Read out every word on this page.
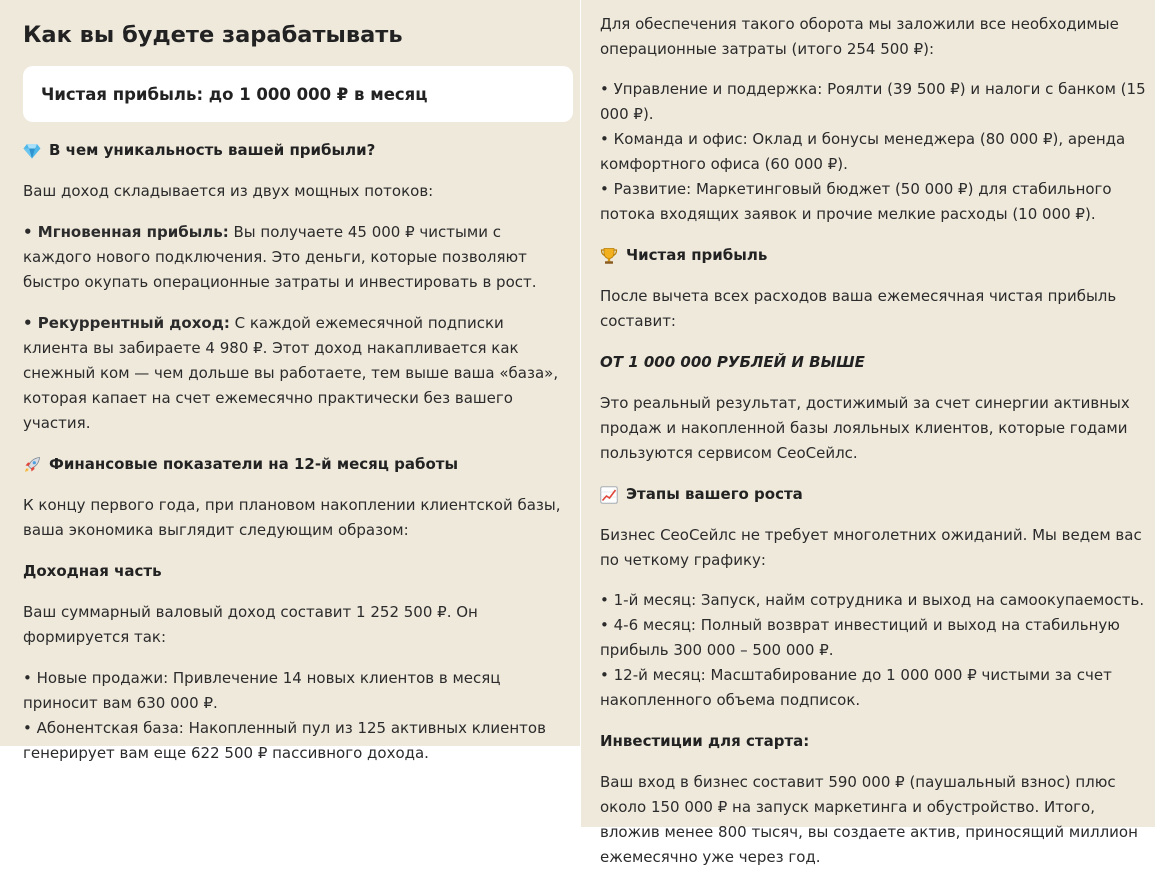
Как вы будете зарабатывать
Чистая прибыль: до 1 000 000 ₽ в месяц
В чем уникальность вашей прибыли?

Ваш доход складывается из двух мощных потоков:

• Мгновенная прибыль: Вы получаете 45 000 ₽ чистыми с каждого нового подключения. Это деньги, которые позволяют быстро окупать операционные затраты и инвестировать в рост.

• Рекуррентный доход: С каждой ежемесячной подписки клиента вы забираете 4 980 ₽. Этот доход накапливается как снежный ком — чем дольше вы работаете, тем выше ваша «база», которая капает на счет ежемесячно практически без вашего участия.

Финансовые показатели на 12-й месяц работы

К концу первого года, при плановом накоплении клиентской базы, ваша экономика выглядит следующим образом:

Доходная часть

Ваш суммарный валовый доход составит 1 252 500 ₽. Он формируется так:

• Новые продажи: Привлечение 14 новых клиентов в месяц приносит вам 630 000 ₽.

• Абонентская база: Накопленный пул из 125 активных клиентов генерирует вам еще 622 500 ₽ пассивного дохода.

Для обеспечения такого оборота мы заложили все необходимые операционные затраты (итого 254 500 ₽):

• Управление и поддержка: Роялти (39 500 ₽) и налоги с банком (15 000 ₽).

• Команда и офис: Оклад и бонусы менеджера (80 000 ₽), аренда комфортного офиса (60 000 ₽).

• Развитие: Маркетинговый бюджет (50 000 ₽) для стабильного потока входящих заявок и прочие мелкие расходы (10 000 ₽).

Чистая прибыль

После вычета всех расходов ваша ежемесячная чистая прибыль составит:

ОТ 1 000 000 РУБЛЕЙ И ВЫШЕ

Это реальный результат, достижимый за счет синергии активных продаж и накопленной базы лояльных клиентов, которые годами пользуются сервисом СеоСейлс.

Этапы вашего роста

Бизнес СеоСейлс не требует многолетних ожиданий. Мы ведем вас по четкому графику:

• 1-й месяц: Запуск, найм сотрудника и выход на самоокупаемость.

• 4-6 месяц: Полный возврат инвестиций и выход на стабильную прибыль 300 000 – 500 000 ₽.

• 12-й месяц: Масштабирование до 1 000 000 ₽ чистыми за счет накопленного объема подписок.

Инвестиции для старта:

Ваш вход в бизнес составит 590 000 ₽ (паушальный взнос) плюс около 150 000 ₽ на запуск маркетинга и обустройство. Итого, вложив менее 800 тысяч, вы создаете актив, приносящий миллион ежемесячно уже через год.
